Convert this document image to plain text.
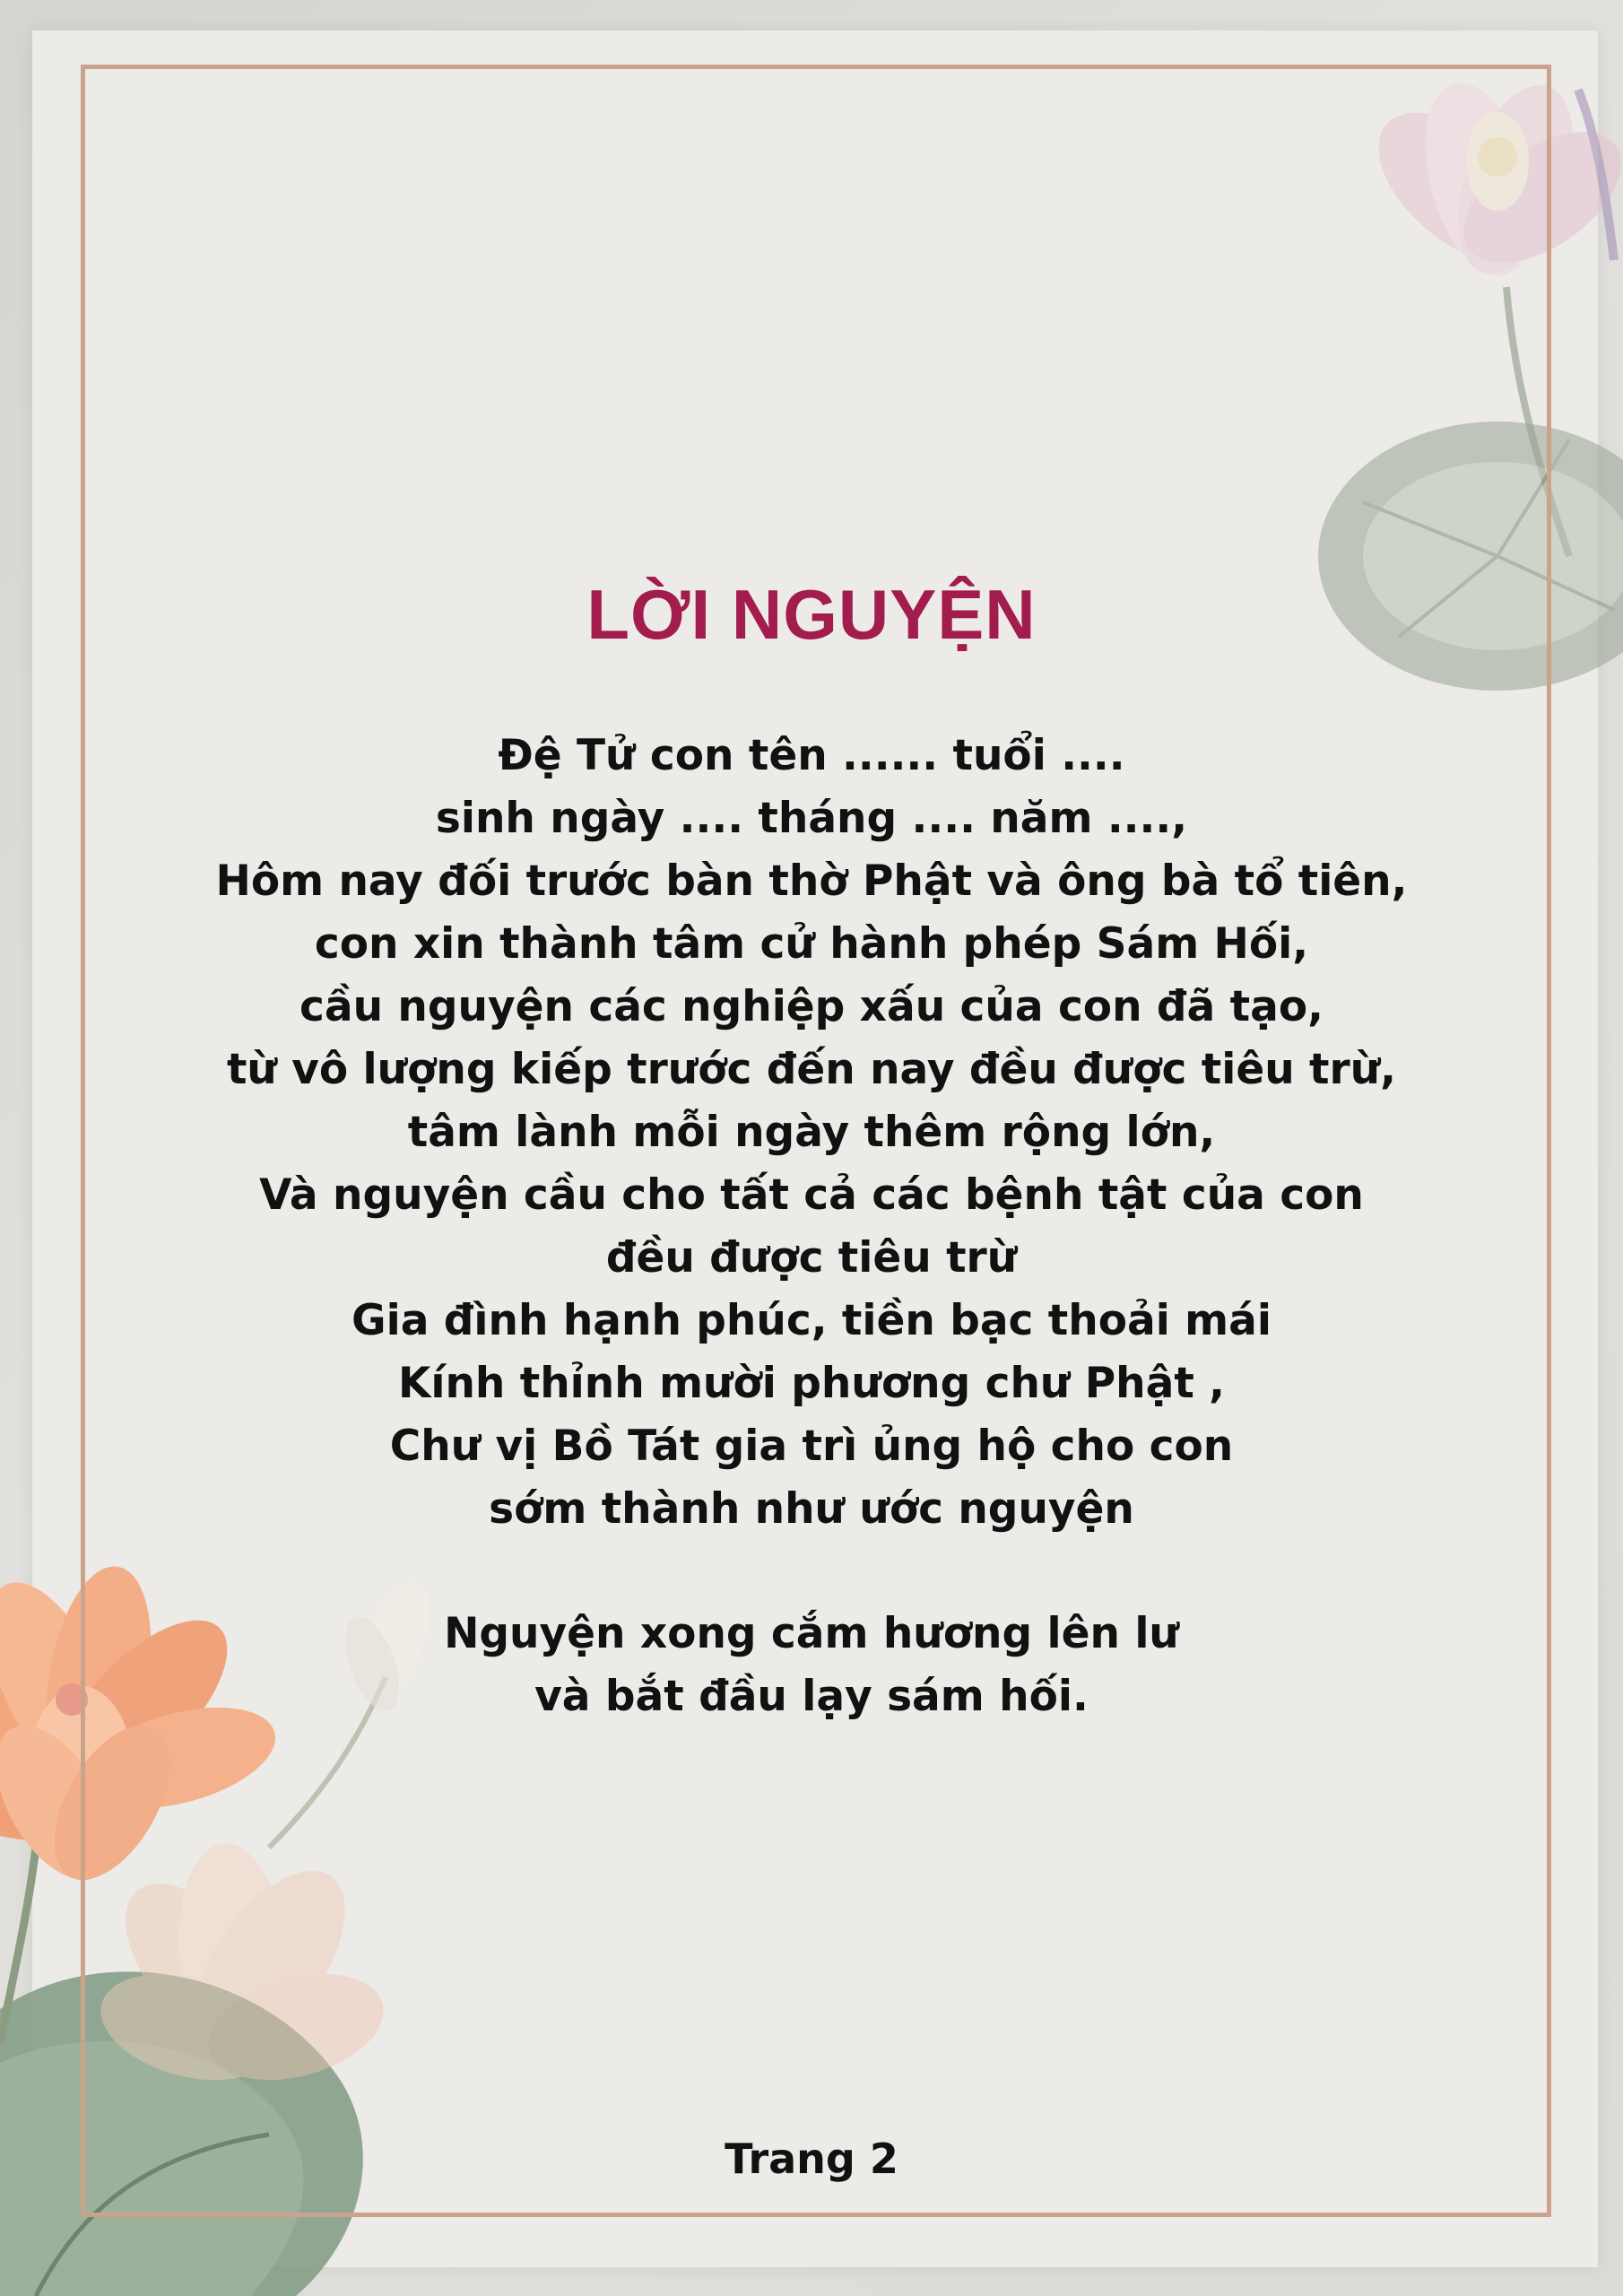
LỜI NGUYỆN
Đệ Tử con tên ...... tuổi ....
sinh ngày .... tháng .... năm ....,
Hôm nay đối trước bàn thờ Phật và ông bà tổ tiên,
con xin thành tâm cử hành phép Sám Hối,
cầu nguyện các nghiệp xấu của con đã tạo,
từ vô lượng kiếp trước đến nay đều được tiêu trừ,
tâm lành mỗi ngày thêm rộng lớn,
Và nguyện cầu cho tất cả các bệnh tật của con
đều được tiêu trừ
Gia đình hạnh phúc, tiền bạc thoải mái
Kính thỉnh mười phương chư Phật ,
Chư vị Bồ Tát gia trì ủng hộ cho con
sớm thành như ước nguyện
Nguyện xong cắm hương lên lư
và bắt đầu lạy sám hối.
Trang 2
